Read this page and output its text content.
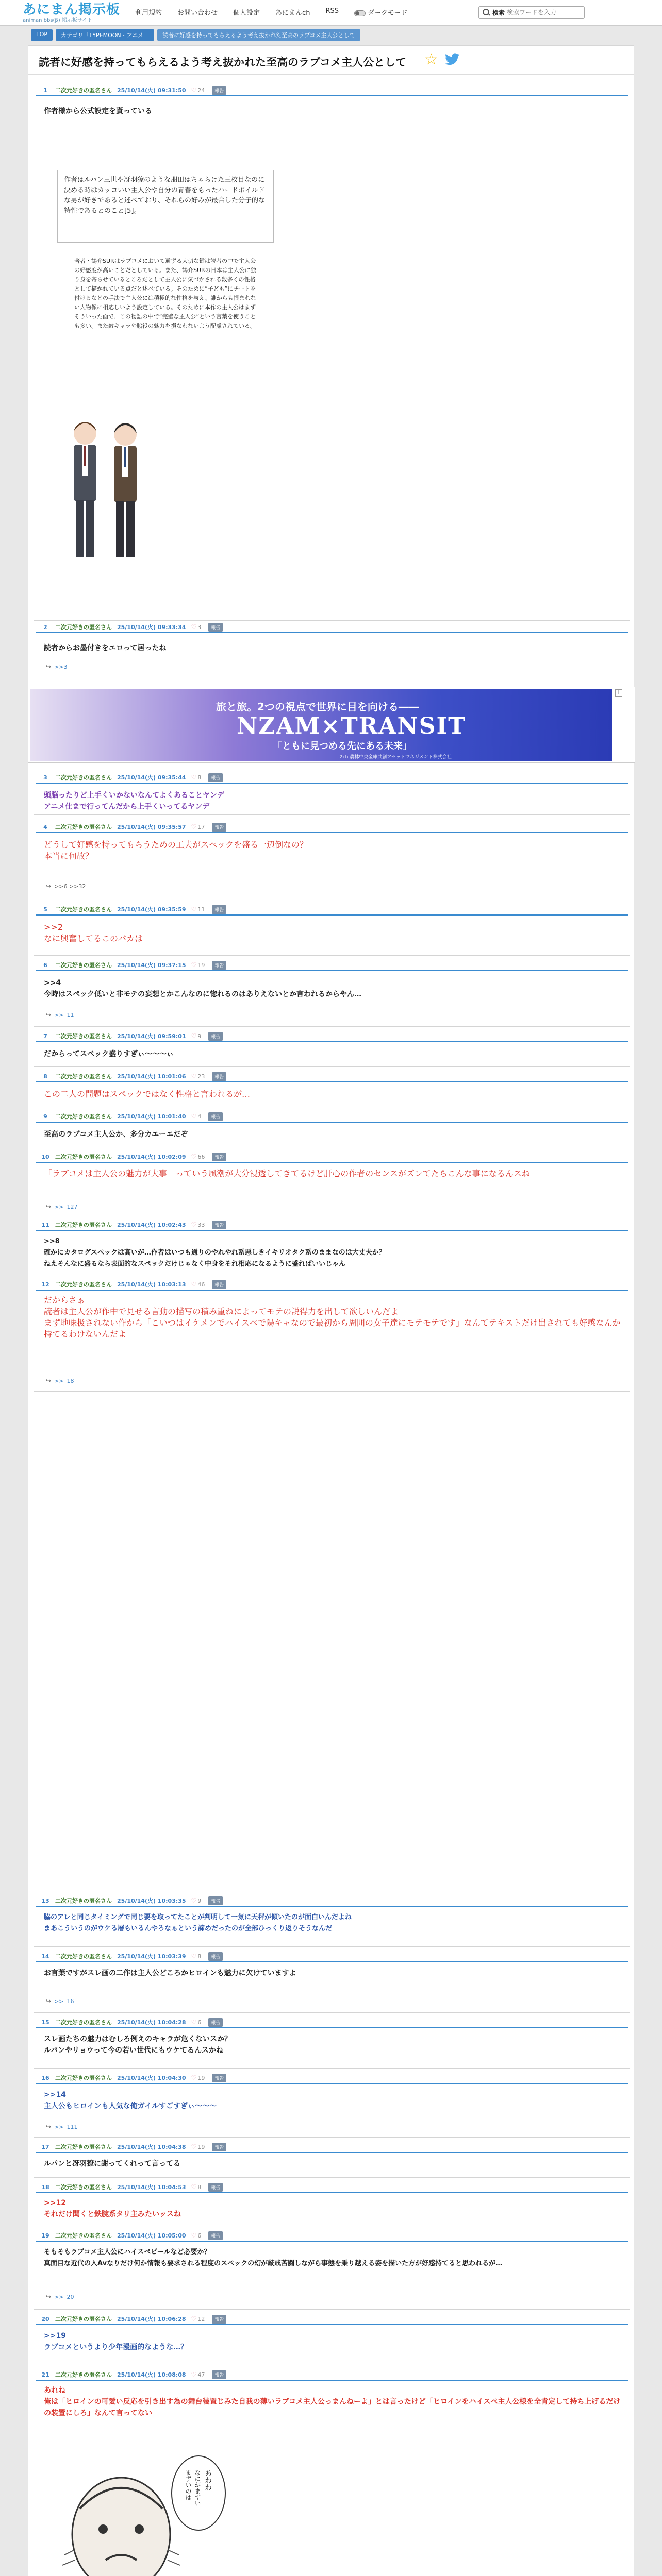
あにまん掲示板
animan bbs(β) 掲示板サイト
利用規約 お問い合わせ 個人設定 あにまんch RSS	ダークモード	検索
検索ワードを入力
TOP	カテゴリ「TYPEMOON・アニメ」	読者に好感を持ってもらえるよう考え抜かれた至高のラブコメ主人公として
読者に好感を持ってもらえるよう考え抜かれた至高のラブコメ主人公として ☆
1	二次元好きの匿名さん 25/10/14(火) 09:31:50 ♡ 24	報告
作者様から公式設定を貰っている
作者はルパン三世や冴羽獠のような朋田はちゃらけた三枚目なのに決める時はカッコいい主人公や自分の青春をもったハードボイルドな男が好きであると述べており、それらの好みが最合した分子的な特性であるとのこと[5]。
著者・鶴介SURはラブコメにおいて通ずる大切な鍵は読者の中で主人公の好感度が高いことだとしている。また、鶴介SURの日本は主人公に独り身を寄らせているところだとして主人公に気づかされる数多くの性格として描かれている点だと述べている。そのために“子ども”にチートを付けるなどの手法で主人公には積極的な性格を与え、誰からも恨まれない人物像に相応しいよう設定している。そのために本作の主人公はまずそういった面で、この物語の中で“完璧な主人公”という言葉を使うことも多い。また敵キャラや脇役の魅力を損なわないよう配慮されている。
2	二次元好きの匿名さん 25/10/14(火) 09:33:34 ♡ 3	報告
読者からお墨付きをエロって居ったね
↪ >>3
旅と旅。2つの視点で世界に目を向ける――
NZAM×TRANSIT
「ともに見つめる先にある未来」
2ch 農林中央金庫共創アセットマネジメント株式会社
i
3	二次元好きの匿名さん 25/10/14(火) 09:35:44 ♡ 8	報告
頭脳ったりど上手くいかないなんてよくあることヤンデ
アニメ仕まで行ってんだから上手くいってるヤンデ
4	二次元好きの匿名さん 25/10/14(火) 09:35:57 ♡ 17	報告
どうして好感を持ってもらうための工夫がスペックを盛る一辺倒なの？
本当に何故？
↪ >>6 >>32
5	二次元好きの匿名さん 25/10/14(火) 09:35:59 ♡ 11	報告
>>2
なに興奮してるこのバカは
6	二次元好きの匿名さん 25/10/14(火) 09:37:15 ♡ 19	報告
>>4
今時はスペック低いと非モテの妄想とかこんなのに惚れるのはありえないとか言われるからやん…
↪ >> 11
7	二次元好きの匿名さん 25/10/14(火) 09:59:01 ♡ 9	報告
だからってスペック盛りすぎぃ〜〜〜ぃ
8	二次元好きの匿名さん 25/10/14(火) 10:01:06 ♡ 23	報告
この二人の問題はスペックではなく性格と言われるが…
9	二次元好きの匿名さん 25/10/14(火) 10:01:40 ♡ 4	報告
至高のラブコメ主人公か、多分カエーエだぞ
10	二次元好きの匿名さん 25/10/14(火) 10:02:09 ♡ 66	報告
「ラブコメは主人公の魅力が大事」っていう風潮が大分浸透してきてるけど肝心の作者のセンスがズレてたらこんな事になるんスね
↪ >> 127
11	二次元好きの匿名さん 25/10/14(火) 10:02:43 ♡ 33	報告
>>8
確かにカタログスペックは高いが…作者はいつも通りのやれやれ系悪しきイキリオタク系のままなのは大丈夫か？
ねえそんなに盛るなら表面的なスペックだけじゃなく中身をそれ相応になるように盛ればいいじゃん
12	二次元好きの匿名さん 25/10/14(火) 10:03:13 ♡ 46	報告
だからさぁ
読者は主人公が作中で見せる言動の描写の積み重ねによってモテの説得力を出して欲しいんだよ
まず地味扱されない作から「こいつはイケメンでハイスペで陽キャなので最初から周囲の女子達にモテモテです」なんてテキストだけ出されても好感なんか持てるわけないんだよ
↪ >> 18
13	二次元好きの匿名さん 25/10/14(火) 10:03:35 ♡ 9	報告
脇のアレと同じタイミングで同じ要を取ってたことが判明して一気に天秤が傾いたのが面白いんだよね
まあこういうのがウケる層もいるんやろなぁという諦めだったのが全部ひっくり返りそうなんだ
14	二次元好きの匿名さん 25/10/14(火) 10:03:39 ♡ 8	報告
お言葉ですがスレ画の二作は主人公どころかヒロインも魅力に欠けていますよ
↪ >> 16
15	二次元好きの匿名さん 25/10/14(火) 10:04:28 ♡ 6	報告
スレ画たちの魅力はむしろ例えのキャラが危くないスか？
ルパンやリョウって今の若い世代にもウケてるんスかね
16	二次元好きの匿名さん 25/10/14(火) 10:04:30 ♡ 19	報告
>>14
主人公もヒロインも人気な俺ガイルすごすぎぃ〜〜〜
↪ >> 111
17	二次元好きの匿名さん 25/10/14(火) 10:04:38 ♡ 19	報告
ルパンと冴羽獠に謝ってくれって言ってる
18	二次元好きの匿名さん 25/10/14(火) 10:04:53 ♡ 8	報告
>>12
それだけ聞くと鉄腕系タリ主みたいッスね
19	二次元好きの匿名さん 25/10/14(火) 10:05:00 ♡ 6	報告
そもそもラブコメ主人公にハイスペピールなど必要か？
真面目な近代の入Avなりだけ何か情報も要求される程度のスペックの幻が厳戒苦闘しながら事態を乗り越える姿を描いた方が好感持てると思われるが…
↪ >> 20
20	二次元好きの匿名さん 25/10/14(火) 10:06:28 ♡ 12	報告
>>19
ラブコメというより少年漫画的なような…？
21	二次元好きの匿名さん 25/10/14(火) 10:08:08 ♡ 47	報告
あれね
俺は「ヒロインの可愛い反応を引き出す為の舞台装置じみた自我の薄いラブコメ主人公っまんねーよ」とは言ったけど「ヒロインをハイスペ主人公様を全肯定して持ち上げるだけの装置にしろ」なんて言ってない
あわわ
なにがまずい
まずいのは
